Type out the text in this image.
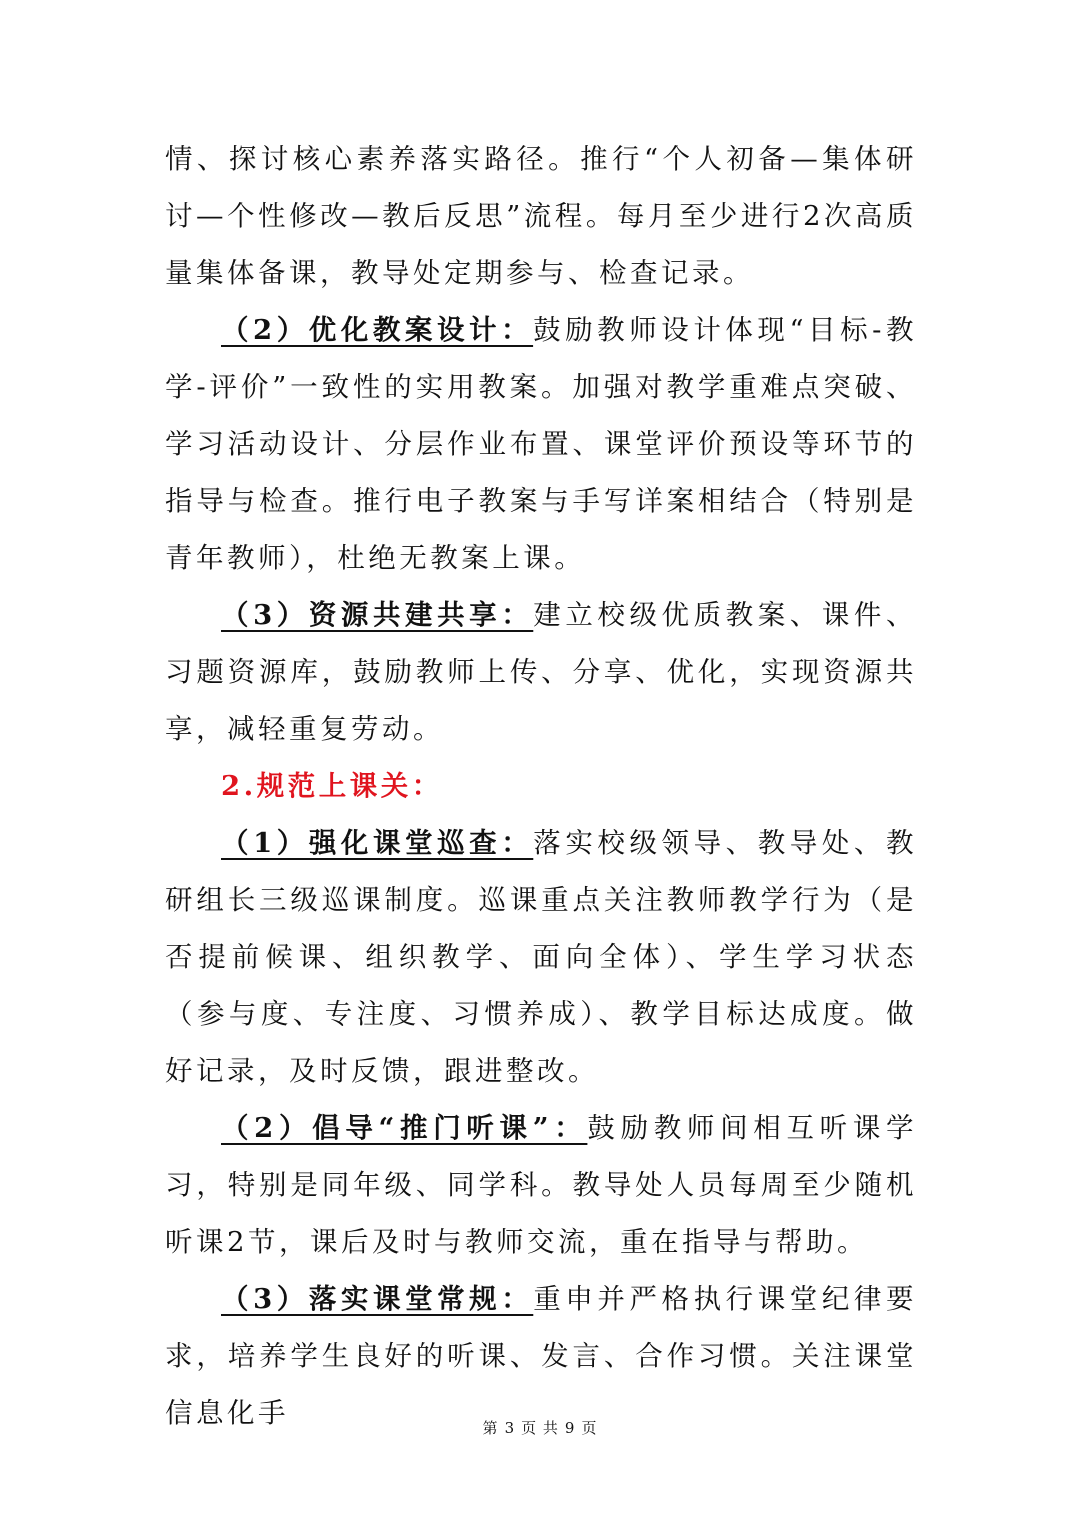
情、探讨核心素养落实路径。推行“个人初备—集体研讨—个性修改—教后反思”流程。每月至少进行2次高质量集体备课，教导处定期参与、检查记录。

（2）优化教案设计：鼓励教师设计体现“目标-教学-评价”一致性的实用教案。加强对教学重难点突破、学习活动设计、分层作业布置、课堂评价预设等环节的指导与检查。推行电子教案与手写详案相结合（特别是青年教师），杜绝无教案上课。

（3）资源共建共享：建立校级优质教案、课件、习题资源库，鼓励教师上传、分享、优化，实现资源共享，减轻重复劳动。

2.规范上课关：

（1）强化课堂巡查：落实校级领导、教导处、教研组长三级巡课制度。巡课重点关注教师教学行为（是否提前候课、组织教学、面向全体）、学生学习状态（参与度、专注度、习惯养成）、教学目标达成度。做好记录，及时反馈，跟进整改。

（2）倡导“推门听课”：鼓励教师间相互听课学习，特别是同年级、同学科。教导处人员每周至少随机听课2节，课后及时与教师交流，重在指导与帮助。

（3）落实课堂常规：重申并严格执行课堂纪律要求，培养学生良好的听课、发言、合作习惯。关注课堂信息化手	第 3 页 共 9 页
